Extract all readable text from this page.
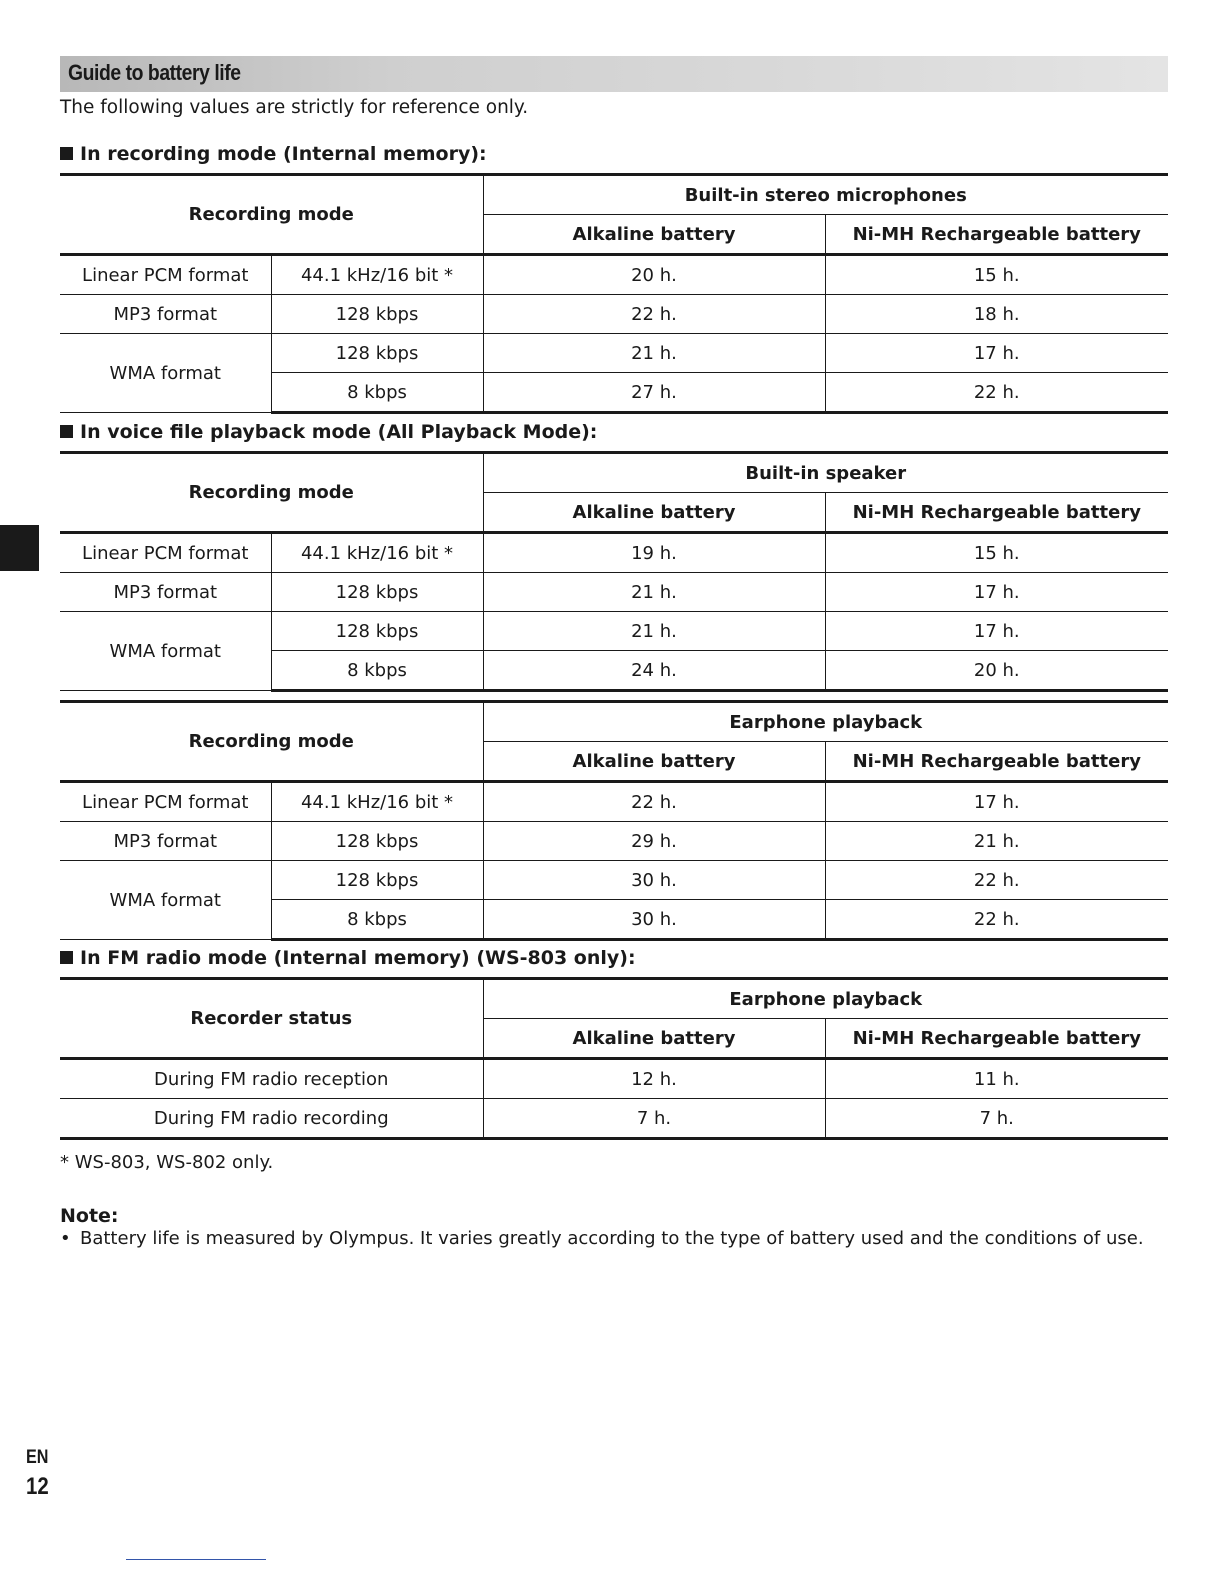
Guide to battery life
The following values are strictly for reference only.
In recording mode (Internal memory):
Recording mode		Built-in stereo microphones	
		Alkaline battery	Ni-MH Rechargeable battery
Linear PCM format	44.1 kHz/16 bit *	20 h.	15 h.
MP3 format	128 kbps	22 h.	18 h.
WMA format	128 kbps	21 h.	17 h.
	8 kbps	27 h.	22 h.
In voice file playback mode (All Playback Mode):
Recording mode		Built-in speaker	
		Alkaline battery	Ni-MH Rechargeable battery
Linear PCM format	44.1 kHz/16 bit *	19 h.	15 h.
MP3 format	128 kbps	21 h.	17 h.
WMA format	128 kbps	21 h.	17 h.
	8 kbps	24 h.	20 h.
Recording mode		Earphone playback	
		Alkaline battery	Ni-MH Rechargeable battery
Linear PCM format	44.1 kHz/16 bit *	22 h.	17 h.
MP3 format	128 kbps	29 h.	21 h.
WMA format	128 kbps	30 h.	22 h.
	8 kbps	30 h.	22 h.
In FM radio mode (Internal memory) (WS-803 only):
Recorder status	Earphone playback	
	Alkaline battery	Ni-MH Rechargeable battery
During FM radio reception	12 h.	11 h.
During FM radio recording	7 h.	7 h.
* WS-803, WS-802 only.
Note:
• Battery life is measured by Olympus. It varies greatly according to the type of battery used and the conditions of use.
EN
12
